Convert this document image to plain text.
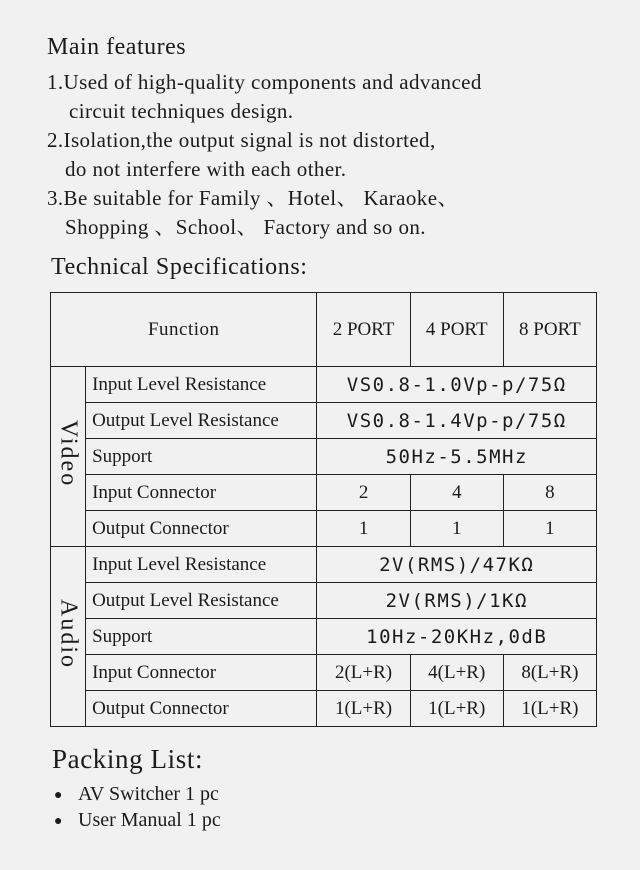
Main features
1.Used of high-quality components and advanced
circuit techniques design.
2.Isolation,the output signal is not distorted,
do not interfere with each other.
3.Be suitable for Family 、Hotel、 Karaoke、
Shopping 、School、 Factory and so on.
Technical Specifications:
Function		2 PORT	4 PORT	8 PORT
Video	Input Level Resistance	VS0.8-1.0Vp-p/75Ω		
	Output Level Resistance	VS0.8-1.4Vp-p/75Ω		
	Support	50Hz-5.5MHz		
	Input Connector	2	4	8
	Output Connector	1	1	1
Audio	Input Level Resistance	2V(RMS)/47KΩ		
	Output Level Resistance	2V(RMS)/1KΩ		
	Support	10Hz-20KHz,0dB		
	Input Connector	2(L+R)	4(L+R)	8(L+R)
	Output Connector	1(L+R)	1(L+R)	1(L+R)
Packing List:
● AV Switcher 1 pc
● User Manual 1 pc
